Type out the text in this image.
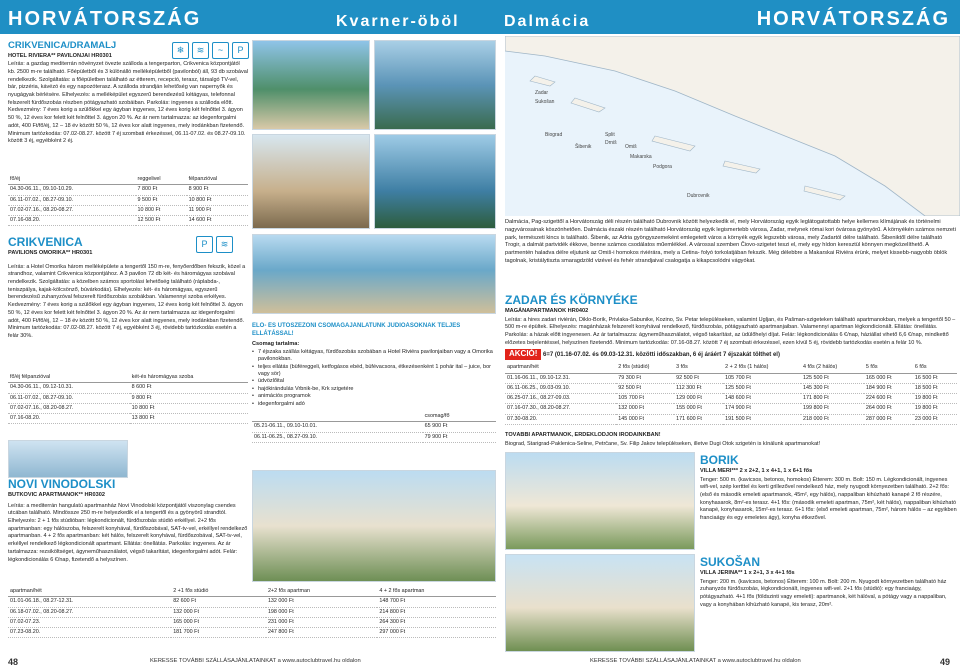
HORVÁTORSZÁG	Kvarner-öböl	Dalmácia	HORVÁTORSZÁG
CRIKVENICA/DRAMALJ
HOTEL RIVIERA** PAVILONJAI HR0301
Leírás: a gazdag mediterrán növényzet övezte szálloda a tengerparton, Crikvenica központjától kb. 2500 m-re található. Főépületből és 3 különálló melléképületből (pavilonból) áll, 93 db szobával rendelkezik. Szolgáltatás: a főépületben található az étterem, recepció, terasz, társalgó TV-vel, bár, pizzéria, kávézó és egy napozóterasz. A szálloda strandján lehetőség van napernyők és nyugágyak bérlésére. Elhelyezés: a melléképület egyszerű berendezésű kétágyas, telefonnal felszerelt fürdőszobás részben pótágyazható szobáiban. Parkolás: ingyenes a szálloda előtt. Kedvezmény: 7 éves korig a szülőkkel egy ágyban ingyenes, 12 éves korig két felnőttel 3. ágyon 50 %, 12 éves kor felett két felnőttel 3. ágyon 20 %. Az ár nem tartalmazza: az idegenforgalmi adót, 400 Ft/fő/éj, 12 – 18 év között 50 %, 12 éves kor alatt ingyenes, mely irodánkban fizetendő. Minimum tartózkodás: 07.02-08.27. között 7 éj szombati érkezéssel, 06.11-07.02. és 08.27-09.10. között 3 éj, egyébként 2 éj.
❄	≋	~	P
fő/éj	reggelivel	félpanzióval
04.30-06.11., 09.10-10.29.	7 800 Ft	8 900 Ft
06.11-07.02., 08.27-09.10.	9 500 Ft	10 800 Ft
07.02-07.16., 08.20-08.27.	10 800 Ft	11 900 Ft
07.16-08.20.	12 500 Ft	14 600 Ft
CRIKVENICA
PAVILIONS OMORIKA** HR0301
Leírás: a Hotel Omorika három melléképülete a tengertől 150 m-re, fenyőerdőben fekszik, közel a strandhoz, valamint Crikvenica központjához. A 3 pavilon 72 db két- és háromágyas szobával rendelkezik. Szolgáltatás: a közelben számos sportolási lehetőség található (ráplabda-, teniszpálya, kajak-kölcsönző, búvárkodás). Elhelyezés: két- és háromágyas, egyszerű berendezésű zuhanyzóval felszerelt fürdőszobás szobákban. Valamennyi szoba erkélyes. Kedvezmény: 7 éves korig a szülőkkel egy ágyban ingyenes, 12 éves korig két felnőttel 3. ágyon 50 %, 12 éves kor felett két felnőttel 3. ágyon 20 %. Az ár nem tartalmazza az idegenforgalmi adót, 400 Ft/fő/éj, 12 – 18 év között 50 %, 12 éves kor alatt ingyenes, mely irodánkban fizetendő. Minimum tartózkodás: 07.02-08.27. között 7 éj, egyébként 3 éj, rövidebb tartózkodás esetén a felár 30%.
P	≋
fő/éj félpanzióval	két-és háromágyas szoba
04.30-06.11., 09.12-10.31.	8 600 Ft
06.11-07.02., 08.27-09.10.	9 800 Ft
07.02-07.16., 08.20-08.27.	10 800 Ft
07.16-08.20.	13 800 Ft
ELŐ- ÉS UTÓSZEZONI CSOMAGAJÁNLATUNK JÚDIÓÁSOKNAK TELJES ELLÁTÁSSAL!
Csomag tartalma:
• 7 éjszaka szállás kétágyas, fürdőszobás szobában a Hotel Riviéra pavilonjaiban vagy a Omorika pavilonokban.
• teljes ellátás (büféreggeli, ketfogásos ebéd, büfévacsora, étkezésenként 1 pohár ital – juice, bor vagy sör)
• üdvözlőital
• hajókirándulás Vrbnik-be, Krk szigetére
• animációs programok
• idegenforgalmi adó
	csomag/fő
05.21-06.11., 09.10-10.01.	65 900 Ft
06.11-06.25., 08.27-09.10.	79 900 Ft
NOVI VINODOLSKI
BUTKOVIC APARTMANOK** HR0302
Leírás: a mediterrán hangulatú apartmanház Novi Vinodolski központjától viszonylag csendes utcában található. Mindössze 250 m-re helyezkedik el a tengertől és a gyönyörű strandtól. Elhelyezés: 2 + 1 fős stúdióban: légkondicionált, fürdőszobás stúdió erkéllyel. 2+2 fős apartmanban: egy hálószoba, felszerelt konyhával, fürdőszobával, SAT-tv-vel, erkéllyel rendelkező apartmanban. 4 + 2 fős apartmanban: két hálós, felszerelt konyhával, fürdőszobával, SAT-tv-vel, erkéllyel rendelkező légkondicionált apartmant. Ellátás: önellátás. Parkolás: ingyenes. Az ár tartalmazza: rezsiköltséget, ágyneműhasználatot, végső takarítást, idegenforgalmi adót. Felár: légkondicionálás 6 €/nap, fizetendő a helyszínen.
apartman/hét	2 +1 fős stúdió	2+2 fős apartman	4 + 2 fős apartman
01.01-06.18., 08.27-12.31.	82 600 Ft	132 000 Ft	148 700 Ft
06.18-07.02., 08.20-08.27.	132 000 Ft	198 000 Ft	214 800 Ft
07.02-07.23.	165 000 Ft	231 000 Ft	264 300 Ft
07.23-08.20.	181 700 Ft	247 800 Ft	297 000 Ft
Zadar
Sukošan
Biograd
Drniš
Šibenik	Omiš
Makarska
Podgora
Dubrovnik
Split
Dalmácia, Pag-szigettől a Horvátország déli részén található Dubrovnik között helyezkedik el, mely Horvátország egyik leglátogatottabb helye kellemes klímájának és történelmi nagyvárosainak köszönhetően. Dalmácia északi részén található Horvátország egyik legismertebb városa, Zadar, melynek római kori óvárosa gyönyörű. A környékén számos nemzeti park, természeti kincs is található. Šibenik, az Adria gyöngyszemeként emlegetett város a környék egyik legszebb városa, mely Zadartól délre található. Šibeniktől délre található Trogir, a dalmát partvidék ékkove, benne számos csodálatos műemlékkel. A várossal szemben Čiovo-szigetet teszi el, mely egy hídon keresztül könnyen megközelíthető. A partmentén haladva délre eljutunk az Omiš-i homokos riviérára, mely a Cetina- folyó torkolatjában fekszik. Még délebbre a Makarskai Riviéra érünk, melyet kissebb-nagyobb öblök tagolnak, kristálytiszta smaragdzöld vizével és fehér strandjaival csalogatja a kikapcsolódni vágyókat.
ZADAR ÉS KÖRNYÉKE
MAGÁNAPARTMANOK HR0402
Leírás: a hires zadari riviérán, Diklo-Borik, Privlaka-Sabunike, Kozino, Sv. Petar településeken, valamint Ugljan, és Pašman-szigeteken található apartmanokban, melyek a tengertől 50 – 500 m-re épültek. Elhelyezés: magánházak felszerelt konyhával rendelkező, fürdőszobás, pótágyazható apartmanjaiban. Valamennyi apartman légkondicionált. Ellátás: önellátás. Parkolás: a házak előtt ingyenesen. Az ár tartalmazza: ágyneműhasználatot, végső takarítást, az üdülőhelyi díjat. Felár: légkondicionálás 6 €/nap, háziállat vihető 6,6 €/nap, mindkettő előzetes bejelentéssel, helyszínen fizetendő. Minimum tartózkodás: 07.16-08.27. között 7 éj szombati érkezéssel, ezen kívül 5 éj, rövidebb tartózkodás esetén a felár 10 %.
AKCIÓ! 6=7 (01.16-07.02. és 09.03-12.31. közötti időszakban, 6 éj áráért 7 éjszakát tölthet el)
apartman/hét	2 fős (stúdió)	3 fős	2 + 2 fős (1 hálós)	4 fős (2 hálós)	5 fős	6 fős
01.16-06.11., 09.10-12.31.	79 300 Ft	92 500 Ft	105 700 Ft	125 500 Ft	165 000 Ft	16 500 Ft
06.11-06.25., 09.03-09.10.	92 500 Ft	112 300 Ft	125 500 Ft	145 300 Ft	184 900 Ft	18 500 Ft
06.25-07.16., 08.27-09.03.	105 700 Ft	129 000 Ft	148 600 Ft	171 800 Ft	224 600 Ft	19 800 Ft
07.16-07.30., 08.20-08.27.	132 000 Ft	155 000 Ft	174 900 Ft	199 800 Ft	264 000 Ft	19 800 Ft
07.30-08.20.	145 000 Ft	171 600 Ft	191 500 Ft	218 000 Ft	287 000 Ft	23 000 Ft
TOVÁBBI APARTMANOK, ÉRDEKLŐDJÖN IRODÁINKBAN!
Biograd, Starigrad-Paklenica-Seline, Petrčane, Sv. Filip Jakov településeken, illetve Dugi Otok szigetén is kínálunk apartmanokat!
BORIK
VILLA MERI*** 2 x 2+2, 1 x 4+1, 1 x 6+1 fős
Tenger: 500 m. (kavicsos, betonos, homokos) Étterem: 300 m. Bolt: 150 m. Légkondicionált, ingyenes wifi-vel, szép kertttel és kerti grillezővel rendelkező ház, mely nyugodt környezetben található. 2+2 fős: (első és második emeleti apartmanok, 45m², egy hálós), nappaliban kihúzható kanapé 2 fő részére, konyhasarok, 8m²-es terasz. 4+1 fős: (második emeleti apartman, 75m², két hálós), nappaliban kihúzható kanapé, konyhasarok, 15m²-es terasz. 6+1 fős: (első emeleti apartman, 75m², három hálós – az egyikben franciaágy és egy emeletes ágy), konyha étkezővel.
SUKOŠAN
VILLA JERINA** 1 x 2+1, 3 x 4+1 fős
Tenger: 200 m. (kavicsos, betonos) Étterem: 100 m. Bolt: 200 m. Nyugodt környezetben található ház zuhanyzós fürdőszobás, légkondicionált, ingyenes wifi-vel. 2+1 fős (stúdió): egy franciaágy, pótágyazható. 4+1 fős (földszinti vagy emeleti): apartmanok, két hálóval, a pótágy vagy a nappaliban, vagy a konyhában kihúzható kanapé, kis terasz, 20m².
48	KERESSE TOVÁBBI SZÁLLÁSAJÁNLATAINKAT a www.autoclubtravel.hu oldalon	KERESSE TOVÁBBI SZÁLLÁSAJÁNLATAINKAT a www.autoclubtravel.hu oldalon	49
